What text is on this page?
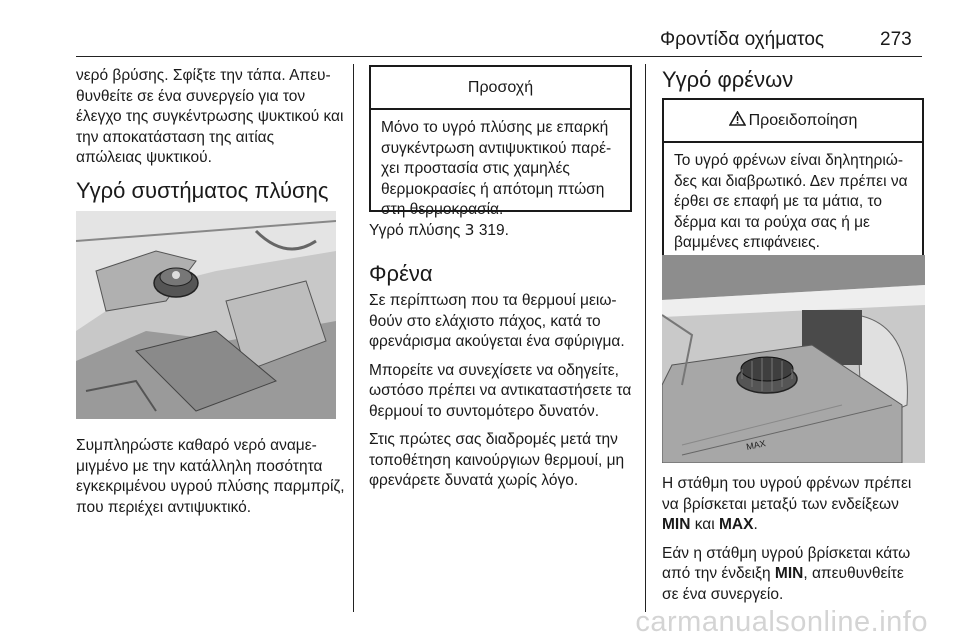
Φροντίδα οχήματος	273

νερό βρύσης. Σφίξτε την τάπα. Απευ-θυνθείτε σε ένα συνεργείο για τον έλεγχο της συγκέντρωσης ψυκτικού και την αποκατάσταση της αιτίας απώλειας ψυκτικού.

Υγρό συστήματος πλύσης

Συμπληρώστε καθαρό νερό αναμε-μιγμένο με την κατάλληλη ποσότητα εγκεκριμένου υγρού πλύσης παρμπρίζ, που περιέχει αντιψυκτικό.

Προσοχή
Μόνο το υγρό πλύσης με επαρκή συγκέντρωση αντιψυκτικού παρέ-χει προστασία στις χαμηλές θερμοκρασίες ή απότομη πτώση στη θερμοκρασία.

Υγρό πλύσης 3 319.

Φρένα

Σε περίπτωση που τα θερμουί μειω-θούν στο ελάχιστο πάχος, κατά το φρενάρισμα ακούγεται ένα σφύριγμα.

Μπορείτε να συνεχίσετε να οδηγείτε, ωστόσο πρέπει να αντικαταστήσετε τα θερμουί το συντομότερο δυνατόν.

Στις πρώτες σας διαδρομές μετά την τοποθέτηση καινούργιων θερμουί, μη φρενάρετε δυνατά χωρίς λόγο.

Υγρό φρένων
Προειδοποίηση
Το υγρό φρένων είναι δηλητηριώ-δες και διαβρωτικό. Δεν πρέπει να έρθει σε επαφή με τα μάτια, το δέρμα και τα ρούχα σας ή με βαμμένες επιφάνειες.
MAX

Η στάθμη του υγρού φρένων πρέπει να βρίσκεται μεταξύ των ενδείξεων MIN και MAX.

Εάν η στάθμη υγρού βρίσκεται κάτω από την ένδειξη MIN, απευθυνθείτε σε ένα συνεργείο.

carmanualsonline.info
